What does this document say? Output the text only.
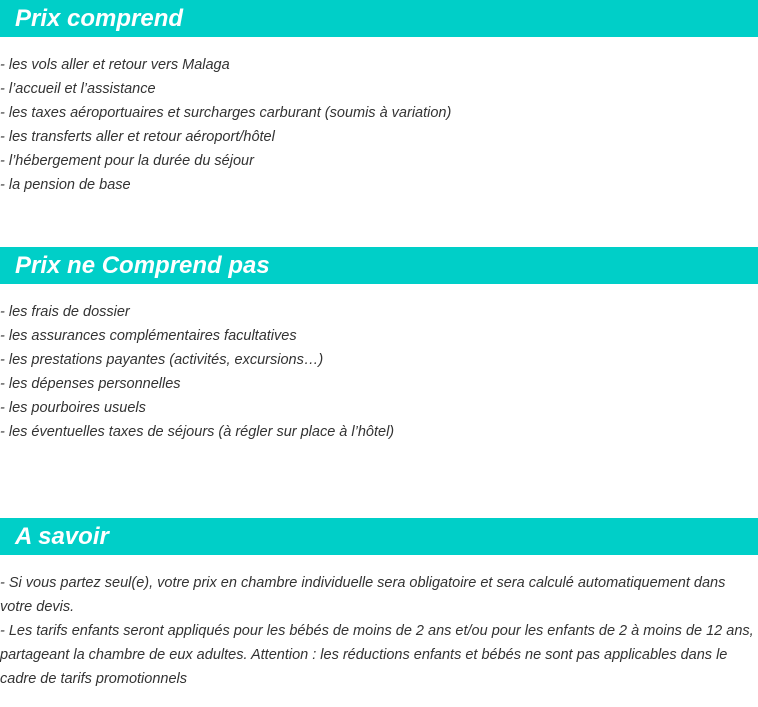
Prix comprend
- les vols aller et retour vers Malaga
- l’accueil et l’assistance
- les taxes aéroportuaires et surcharges carburant (soumis à variation)
- les transferts aller et retour aéroport/hôtel
- l’hébergement pour la durée du séjour
- la pension de base
Prix ne Comprend pas
- les frais de dossier
- les assurances complémentaires facultatives
- les prestations payantes (activités, excursions…)
- les dépenses personnelles
- les pourboires usuels
- les éventuelles taxes de séjours (à régler sur place à l’hôtel)
A savoir

- Si vous partez seul(e), votre prix en chambre individuelle sera obligatoire et sera calculé automatiquement dans votre devis.

- Les tarifs enfants seront appliqués pour les bébés de moins de 2 ans et/ou pour les enfants de 2 à moins de 12 ans, partageant la chambre de eux adultes. Attention : les réductions enfants et bébés ne sont pas applicables dans le cadre de tarifs promotionnels
